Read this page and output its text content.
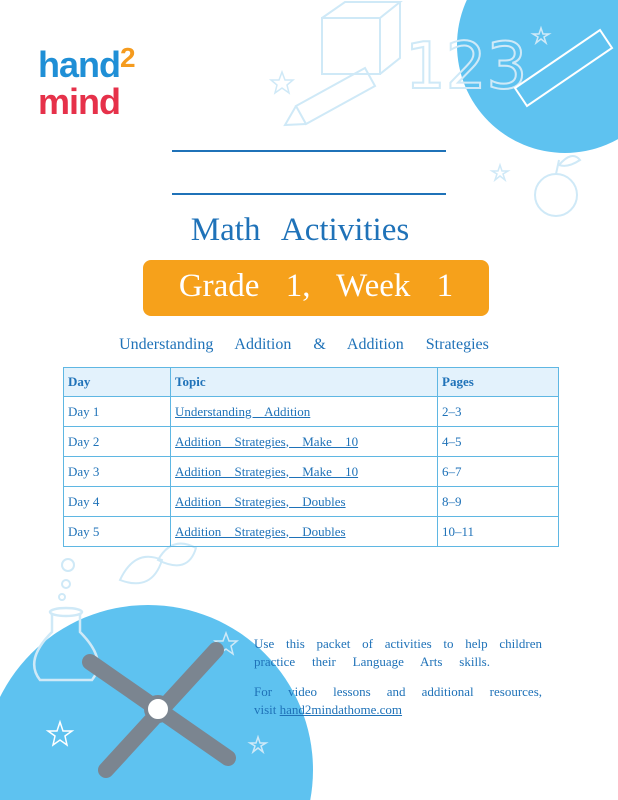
123
hand$^2$
mind
Math Activities
Grade 1, Week 1
Understanding Addition & Addition Strategies
Day	Topic	Pages
Day 1	Understanding Addition	2–3
Day 2	Addition Strategies, Make 10	4–5
Day 3	Addition Strategies, Make 10	6–7
Day 4	Addition Strategies, Doubles	8–9
Day 5	Addition Strategies, Doubles	10–11
Use this packet of activities to help children
practice their Language Arts skills.
For video lessons and additional resources,
visit hand2mindathome.com
